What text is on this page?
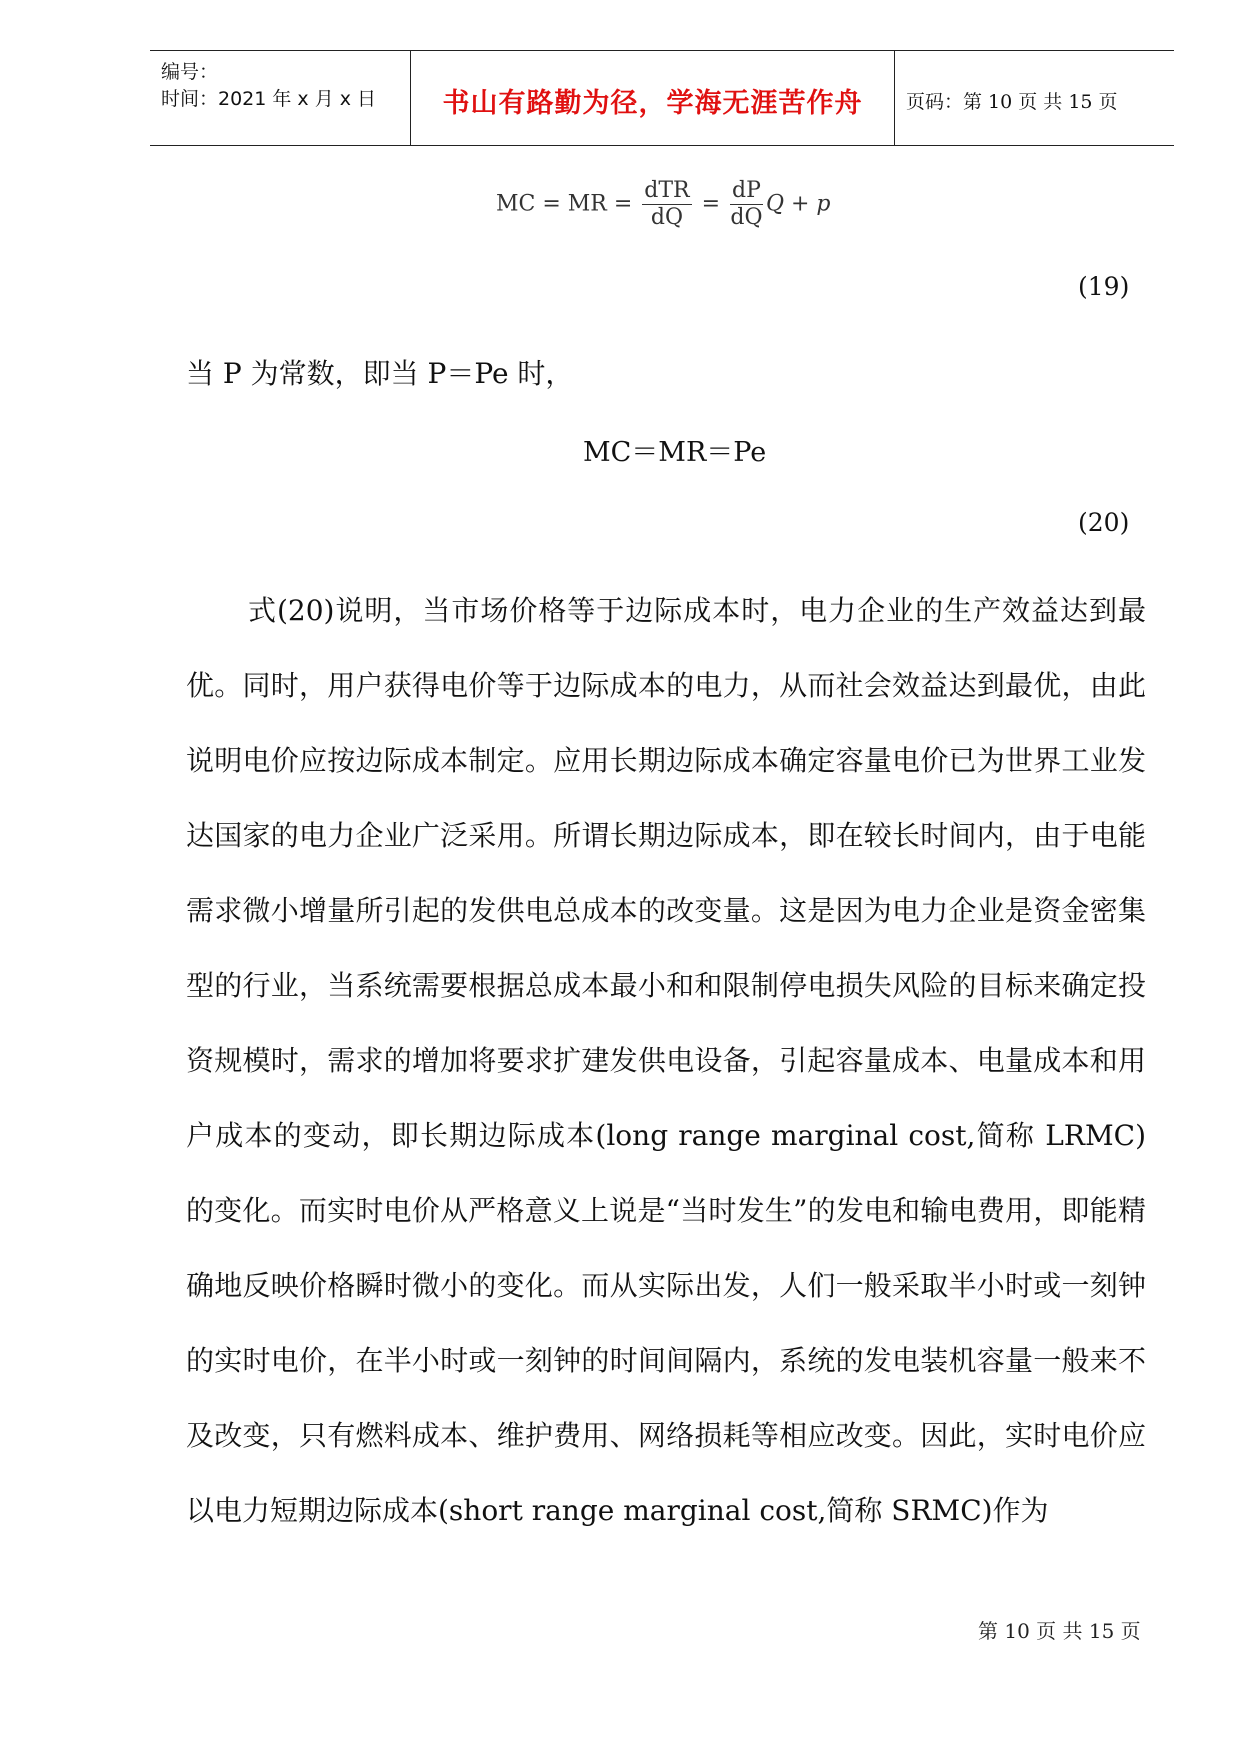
编号：
时间：2021 年 x 月 x 日	书山有路勤为径，学海无涯苦作舟	页码：第 10 页 共 15 页
MC = MR = $\frac{\text{dTR}}{dQ} = \frac{dP}{dQ}$ Q + p
(19)
当 P 为常数，即当 P＝Pe 时，
MC＝MR＝Pe
(20)
式(20)说明，当市场价格等于边际成本时，电力企业的生产效益达到最优。同时，用户获得电价等于边际成本的电力，从而社会效益达到最优，由此说明电价应按边际成本制定。应用长期边际成本确定容量电价已为世界工业发达国家的电力企业广泛采用。所谓长期边际成本，即在较长时间内，由于电能需求微小增量所引起的发供电总成本的改变量。这是因为电力企业是资金密集型的行业，当系统需要根据总成本最小和和限制停电损失风险的目标来确定投资规模时，需求的增加将要求扩建发供电设备，引起容量成本、电量成本和用户成本的变动，即长期边际成本(long range marginal cost,简称 LRMC)的变化。而实时电价从严格意义上说是“当时发生”的发电和输电费用，即能精确地反映价格瞬时微小的变化。而从实际出发，人们一般采取半小时或一刻钟的实时电价，在半小时或一刻钟的时间间隔内，系统的发电装机容量一般来不及改变，只有燃料成本、维护费用、网络损耗等相应改变。因此，实时电价应以电力短期边际成本(short range marginal cost,简称 SRMC)作为
第 10 页 共 15 页
